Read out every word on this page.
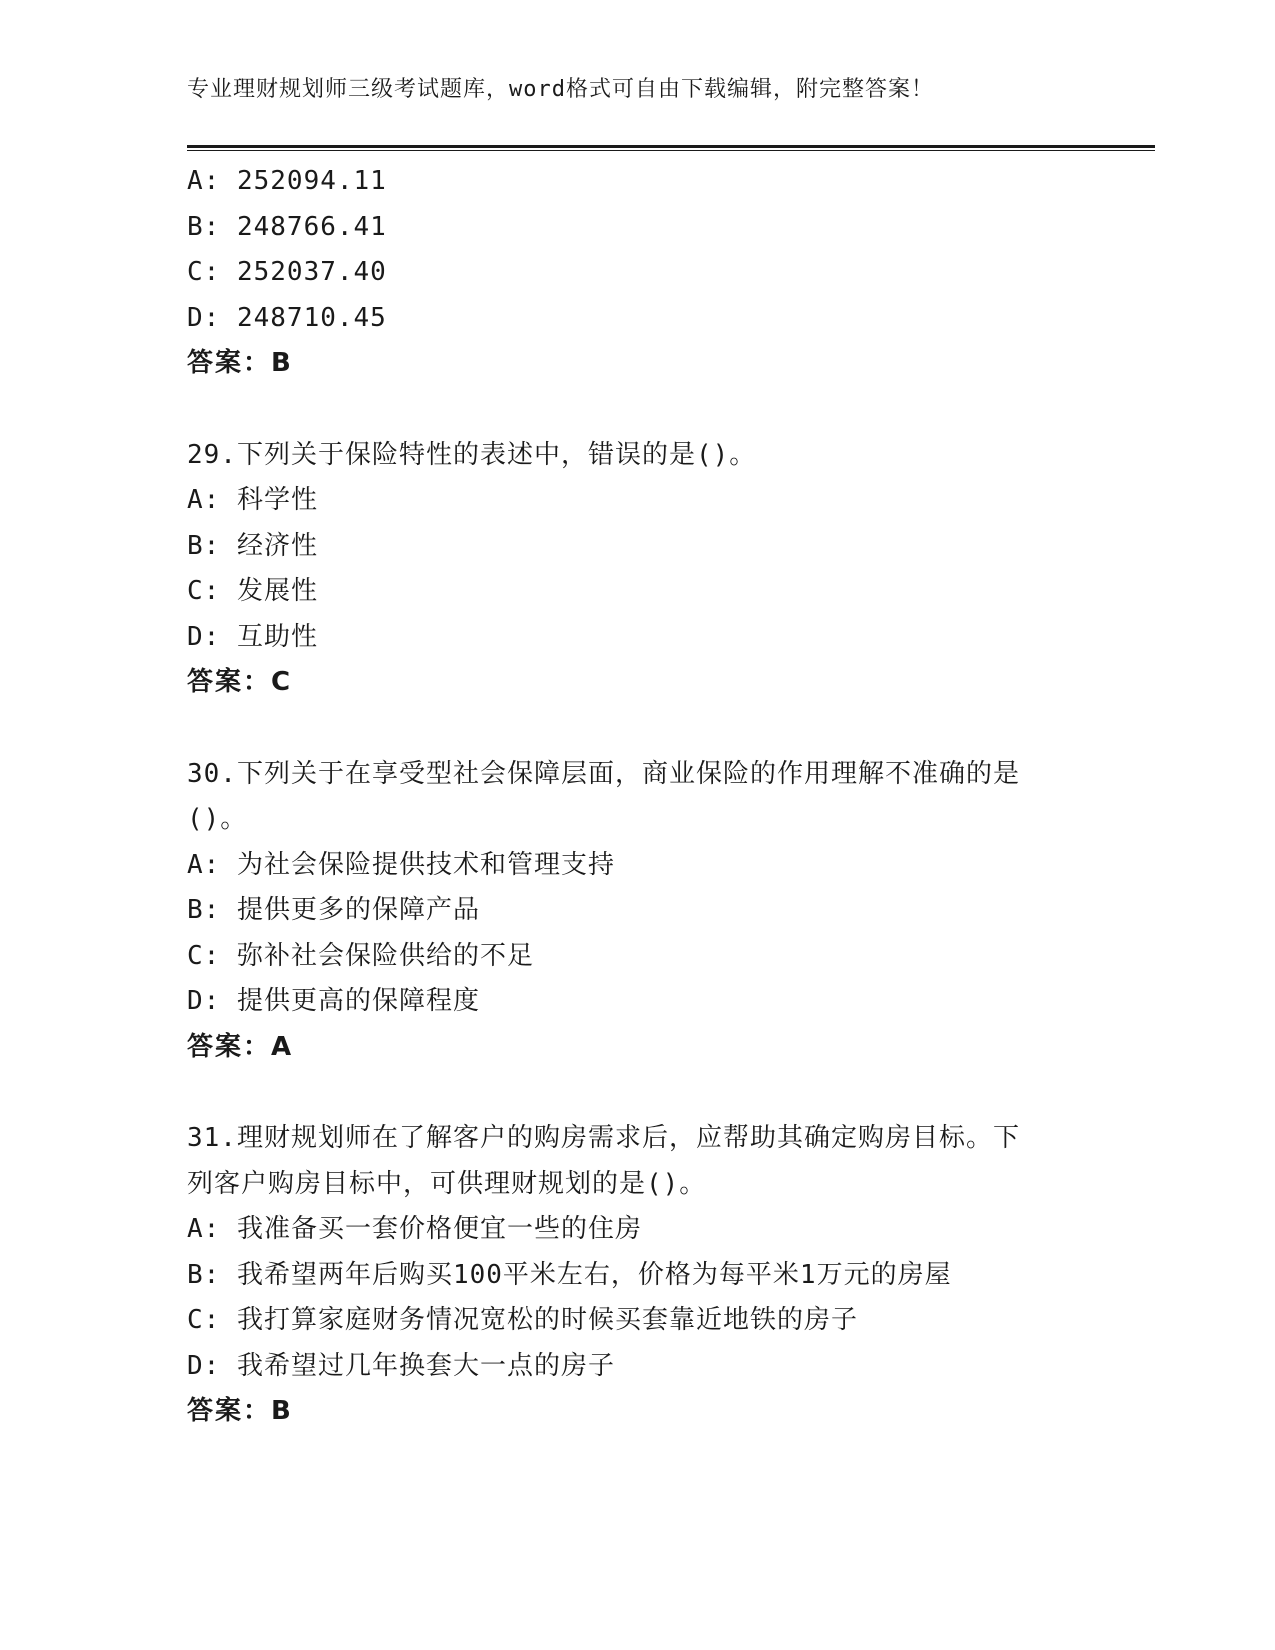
专业理财规划师三级考试题库，word格式可自由下载编辑，附完整答案！
A: 252094.11
B: 248766.41
C: 252037.40
D: 248710.45
答案：B
29.下列关于保险特性的表述中，错误的是()。
A: 科学性
B: 经济性
C: 发展性
D: 互助性
答案：C
30.下列关于在享受型社会保障层面，商业保险的作用理解不准确的是
()。
A: 为社会保险提供技术和管理支持
B: 提供更多的保障产品
C: 弥补社会保险供给的不足
D: 提供更高的保障程度
答案：A
31.理财规划师在了解客户的购房需求后，应帮助其确定购房目标。下
列客户购房目标中，可供理财规划的是()。
A: 我准备买一套价格便宜一些的住房
B: 我希望两年后购买100平米左右，价格为每平米1万元的房屋
C: 我打算家庭财务情况宽松的时候买套靠近地铁的房子
D: 我希望过几年换套大一点的房子
答案：B
